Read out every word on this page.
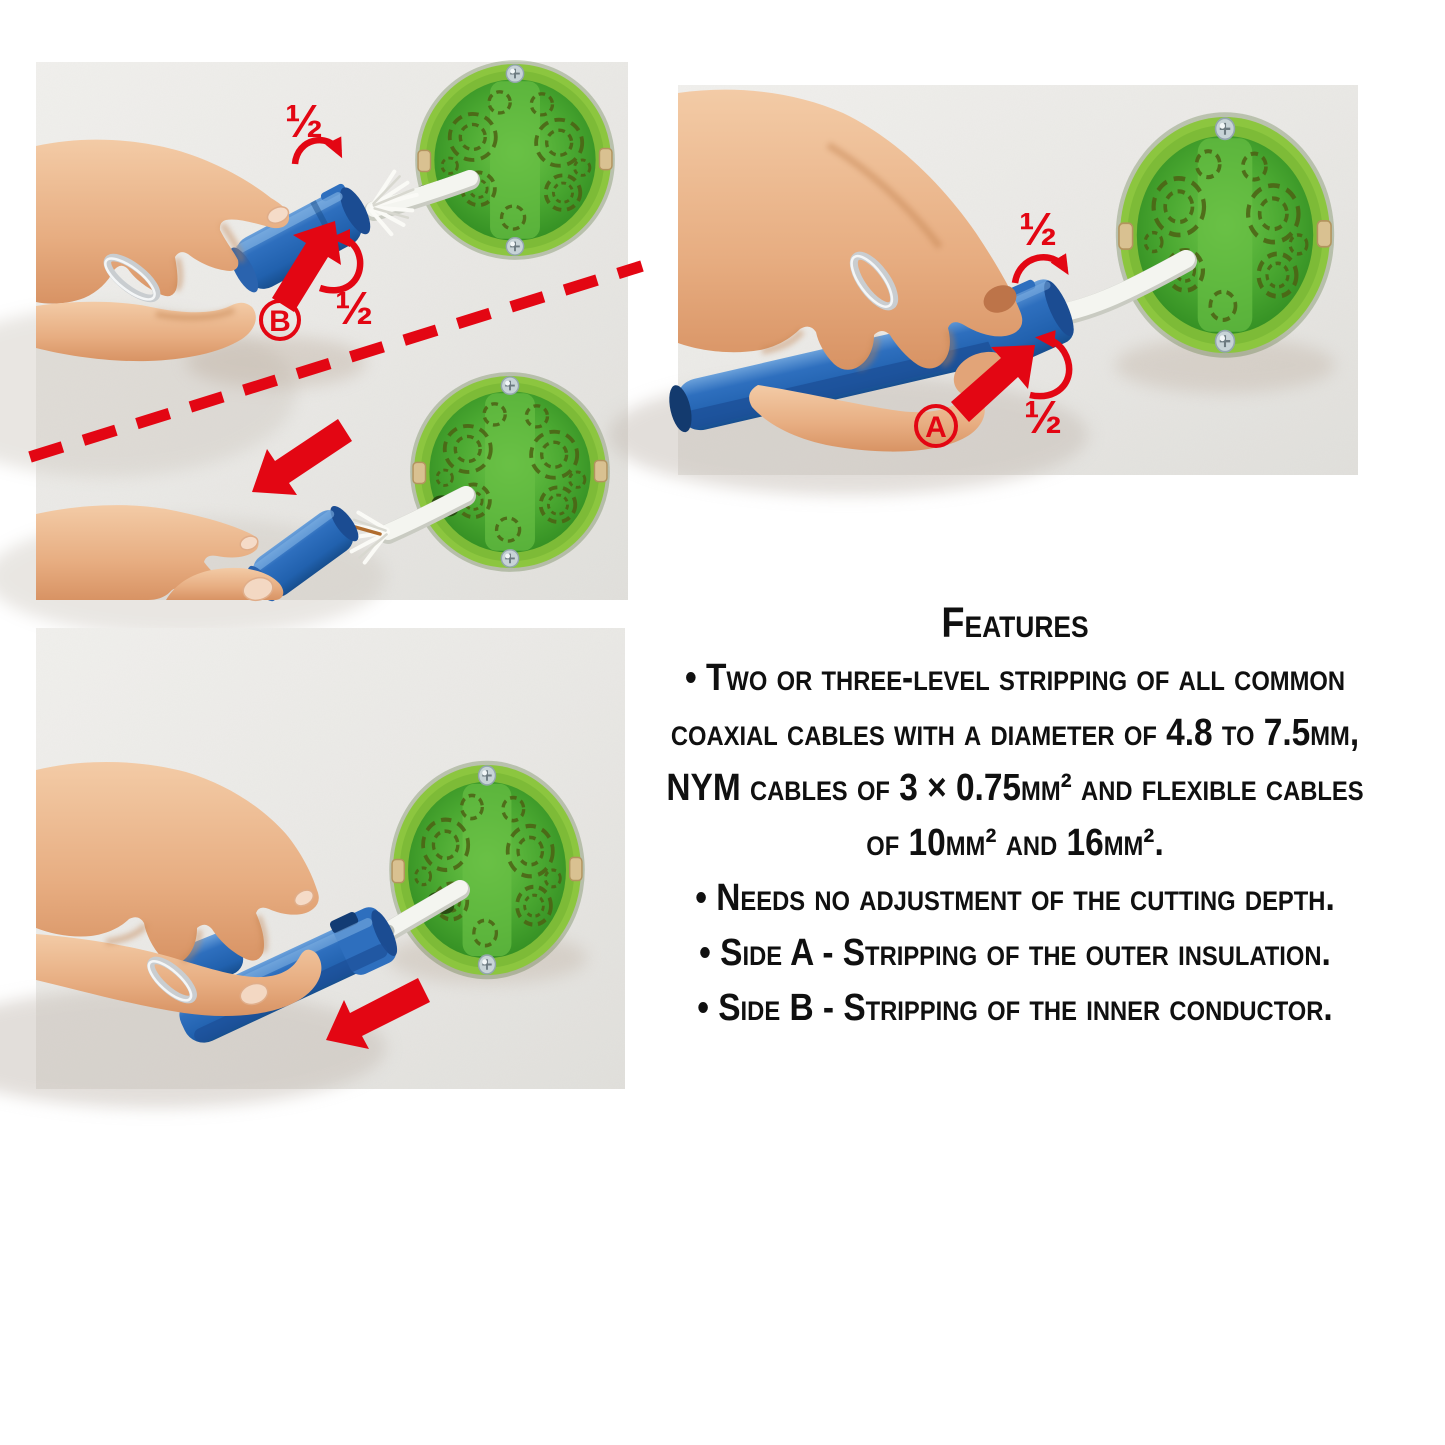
½
½
B
½
½
A
Features
• Two or three-level stripping of all common
coaxial cables with a diameter of 4.8 to 7.5mm,
NYM cables of 3 × 0.75mm² and flexible cables
of 10mm² and 16mm².
• Needs no adjustment of the cutting depth.
• Side A - Stripping of the outer insulation.
• Side B - Stripping of the inner conductor.
